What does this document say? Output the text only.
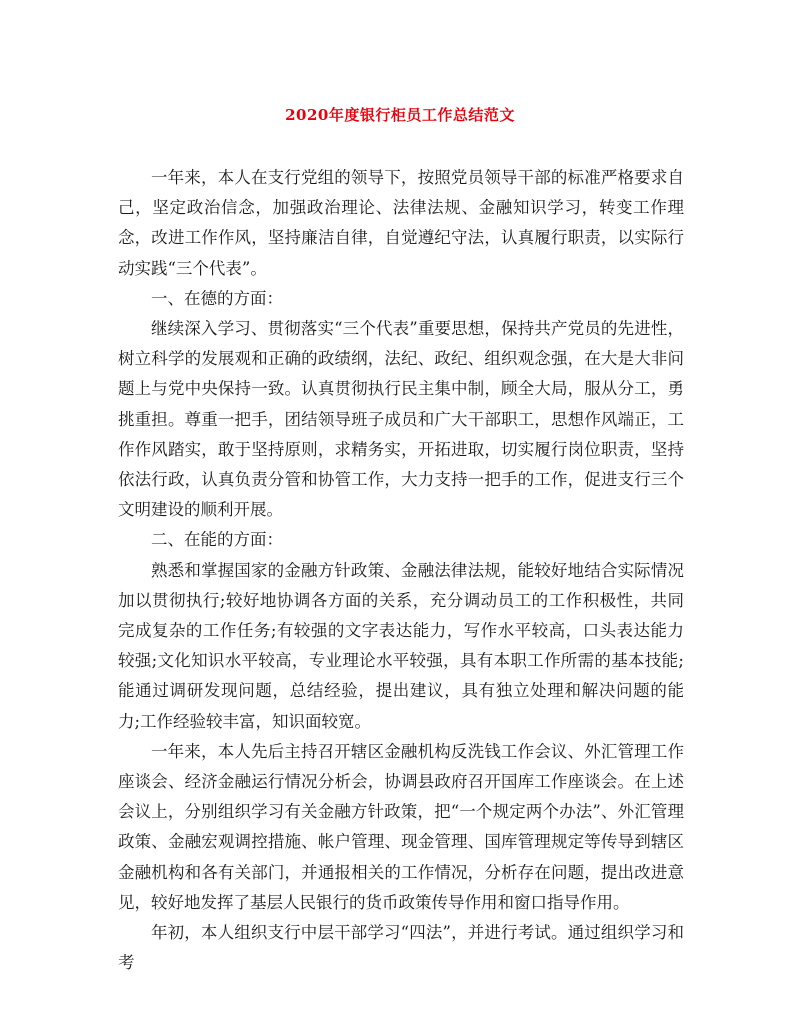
2020年度银行柜员工作总结范文

一年来，本人在支行党组的领导下，按照党员领导干部的标准严格要求自己，坚定政治信念，加强政治理论、法律法规、金融知识学习，转变工作理念，改进工作作风，坚持廉洁自律，自觉遵纪守法，认真履行职责，以实际行动实践“三个代表”。

一、在德的方面：

继续深入学习、贯彻落实“三个代表”重要思想，保持共产党员的先进性，树立科学的发展观和正确的政绩纲，法纪、政纪、组织观念强，在大是大非问题上与党中央保持一致。认真贯彻执行民主集中制，顾全大局，服从分工，勇挑重担。尊重一把手，团结领导班子成员和广大干部职工，思想作风端正，工作作风踏实，敢于坚持原则，求精务实，开拓进取，切实履行岗位职责，坚持依法行政，认真负责分管和协管工作，大力支持一把手的工作，促进支行三个文明建设的顺利开展。

二、在能的方面：

熟悉和掌握国家的金融方针政策、金融法律法规，能较好地结合实际情况加以贯彻执行;较好地协调各方面的关系，充分调动员工的工作积极性，共同完成复杂的工作任务;有较强的文字表达能力，写作水平较高，口头表达能力较强;文化知识水平较高，专业理论水平较强，具有本职工作所需的基本技能;能通过调研发现问题，总结经验，提出建议，具有独立处理和解决问题的能力;工作经验较丰富，知识面较宽。

一年来，本人先后主持召开辖区金融机构反洗钱工作会议、外汇管理工作座谈会、经济金融运行情况分析会，协调县政府召开国库工作座谈会。在上述会议上，分别组织学习有关金融方针政策，把“一个规定两个办法”、外汇管理政策、金融宏观调控措施、帐户管理、现金管理、国库管理规定等传导到辖区金融机构和各有关部门，并通报相关的工作情况，分析存在问题，提出改进意见，较好地发挥了基层人民银行的货币政策传导作用和窗口指导作用。

年初，本人组织支行中层干部学习“四法”，并进行考试。通过组织学习和考
